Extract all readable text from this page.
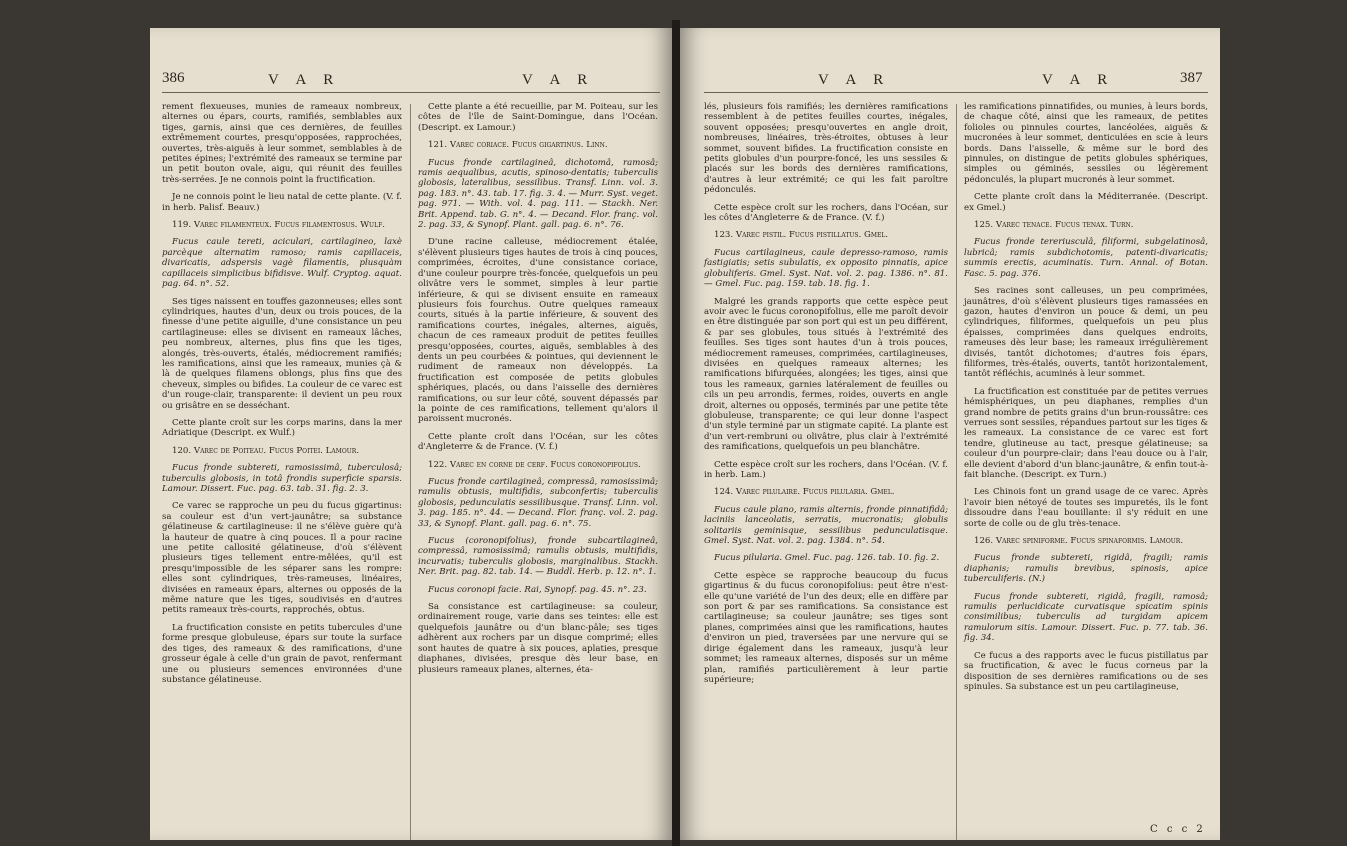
386	V A R	V A R

rement flexueuses, munies de rameaux nombreux, alternes ou épars, courts, ramifiés, semblables aux tiges, garnis, ainsi que ces dernières, de feuilles extrêmement courtes, presqu'opposées, rapprochées, ouvertes, très-aiguës à leur sommet, semblables à de petites épines; l'extrémité des rameaux se termine par un petit bouton ovale, aigu, qui réunit des feuilles très-serrées. Je ne connois point la fructification.

Je ne connois point le lieu natal de cette plante. (V. f. in herb. Palisf. Beauv.)

119. Varec filamenteux. Fucus filamentosus. Wulf.

Fucus caule tereti, aciculari, cartilagineo, laxè parcèque alternatim ramoso; ramis capillaceis, divaricatis, adspersis vagè filamentis, plusquàm capillaceis simplicibus bifidisve. Wulf. Cryptog. aquat. pag. 64. n°. 52.

Ses tiges naissent en touffes gazonneuses; elles sont cylindriques, hautes d'un, deux ou trois pouces, de la finesse d'une petite aiguille, d'une consistance un peu cartilagineuse: elles se divisent en rameaux lâches, peu nombreux, alternes, plus fins que les tiges, alongés, très-ouverts, étalés, médiocrement ramifiés; les ramifications, ainsi que les rameaux, munies çà & là de quelques filamens oblongs, plus fins que des cheveux, simples ou bifides. La couleur de ce varec est d'un rouge-clair, transparente: il devient un peu roux ou grisâtre en se desséchant.

Cette plante croît sur les corps marins, dans la mer Adriatique (Descript. ex Wulf.)

120. Varec de Poiteau. Fucus Poitei. Lamour.

Fucus fronde subtereti, ramosissimâ, tuberculosâ; tuberculis globosis, in totâ frondis superficie sparsis. Lamour. Dissert. Fuc. pag. 63. tab. 31. fig. 2. 3.

Ce varec se rapproche un peu du fucus gigartinus: sa couleur est d'un vert-jaunâtre; sa substance gélatineuse & cartilagineuse: il ne s'élève guère qu'à la hauteur de quatre à cinq pouces. Il a pour racine une petite callosité gélatineuse, d'où s'élèvent plusieurs tiges tellement entre-mêlées, qu'il est presqu'impossible de les séparer sans les rompre: elles sont cylindriques, très-rameuses, linéaires, divisées en rameaux épars, alternes ou opposés de la même nature que les tiges, soudivisés en d'autres petits rameaux très-courts, rapprochés, obtus.

La fructification consiste en petits tubercules d'une forme presque globuleuse, épars sur toute la surface des tiges, des rameaux & des ramifications, d'une grosseur égale à celle d'un grain de pavot, renfermant une ou plusieurs semences environnées d'une substance gélatineuse.

Cette plante a été recueillie, par M. Poiteau, sur les côtes de l'île de Saint-Domingue, dans l'Océan. (Descript. ex Lamour.)

121. Varec coriace. Fucus gigartinus. Linn.

Fucus fronde cartilagineâ, dichotomâ, ramosâ; ramis aequalibus, acutis, spinoso-dentatis; tuberculis globosis, lateralibus, sessilibus. Transf. Linn. vol. 3. pag. 183. n°. 43. tab. 17. fig. 3. 4. — Murr. Syst. veget. pag. 971. — With. vol. 4. pag. 111. — Stackh. Ner. Brit. Append. tab. G. n°. 4. — Decand. Flor. franç. vol. 2. pag. 33, & Synopf. Plant. gall. pag. 6. n°. 76.

D'une racine calleuse, médiocrement étalée, s'élèvent plusieurs tiges hautes de trois à cinq pouces, comprimées, écroites, d'une consistance coriace, d'une couleur pourpre très-foncée, quelquefois un peu olivâtre vers le sommet, simples à leur partie inférieure, & qui se divisent ensuite en rameaux plusieurs fois fourchus. Outre quelques rameaux courts, situés à la partie inférieure, & souvent des ramifications courtes, inégales, alternes, aiguës, chacun de ces rameaux produit de petites feuilles presqu'opposées, courtes, aiguës, semblables à des dents un peu courbées & pointues, qui deviennent le rudiment de rameaux non développés. La fructification est composée de petits globules sphériques, placés, ou dans l'aisselle des dernières ramifications, ou sur leur côté, souvent dépassés par la pointe de ces ramifications, tellement qu'alors il paroissent mucronés.

Cette plante croît dans l'Océan, sur les côtes d'Angleterre & de France. (V. f.)

122. Varec en corne de cerf. Fucus coronopifolius.

Fucus fronde cartilagineâ, compressâ, ramosissimâ; ramulis obtusis, multifidis, subconfertis; tuberculis globosis, pedunculatis sessilibusque. Transf. Linn. vol. 3. pag. 185. n°. 44. — Decand. Flor. franç. vol. 2. pag. 33, & Synopf. Plant. gall. pag. 6. n°. 75.

Fucus (coronopifolius), fronde subcartilagineâ, compressâ, ramosissimâ; ramulis obtusis, multifidis, incurvatis; tuberculis globosis, marginalibus. Stackh. Ner. Brit. pag. 82. tab. 14. — Buddl. Herb. p. 12. n°. 1.

Fucus coronopi facie. Rai, Synopf. pag. 45. n°. 23.

Sa consistance est cartilagineuse: sa couleur, ordinairement rouge, varie dans ses teintes: elle est quelquefois jaunâtre ou d'un blanc-pâle; ses tiges adhèrent aux rochers par un disque comprimé; elles sont hautes de quatre à six pouces, aplaties, presque diaphanes, divisées, presque dès leur base, en plusieurs rameaux planes, alternes, éta-

V A R	V A R	387

lés, plusieurs fois ramifiés; les dernières ramifications ressemblent à de petites feuilles courtes, inégales, souvent opposées; presqu'ouvertes en angle droit, nombreuses, linéaires, très-étroites, obtuses à leur sommet, souvent bifides. La fructification consiste en petits globules d'un pourpre-foncé, les uns sessiles & placés sur les bords des dernières ramifications, d'autres à leur extrémité; ce qui les fait paroître pédonculés.

Cette espèce croît sur les rochers, dans l'Océan, sur les côtes d'Angleterre & de France. (V. f.)

123. Varec pistil. Fucus pistillatus. Gmel.

Fucus cartilagineus, caule depresso-ramoso, ramis fastigiatis; setis subulatis, ex opposito pinnatis, apice globuliferis. Gmel. Syst. Nat. vol. 2. pag. 1386. n°. 81. — Gmel. Fuc. pag. 159. tab. 18. fig. 1.

Malgré les grands rapports que cette espèce peut avoir avec le fucus coronopifolius, elle me paroît devoir en être distinguée par son port qui est un peu différent, & par ses globules, tous situés à l'extrémité des feuilles. Ses tiges sont hautes d'un à trois pouces, médiocrement rameuses, comprimées, cartilagineuses, divisées en quelques rameaux alternes; les ramifications bifurquées, alongées; les tiges, ainsi que tous les rameaux, garnies latéralement de feuilles ou cils un peu arrondis, fermes, roides, ouverts en angle droit, alternes ou opposés, terminés par une petite tête globuleuse, transparente; ce qui leur donne l'aspect d'un style terminé par un stigmate capité. La plante est d'un vert-rembruni ou olivâtre, plus clair à l'extrémité des ramifications, quelquefois un peu blanchâtre.

Cette espèce croît sur les rochers, dans l'Océan. (V. f. in herb. Lam.)

124. Varec pilulaire. Fucus pilularia. Gmel.

Fucus caule plano, ramis alternis, fronde pinnatifidâ; laciniis lanceolatis, serratis, mucronatis; globulis solitariis geminisque, sessilibus pedunculatisque. Gmel. Syst. Nat. vol. 2. pag. 1384. n°. 54.

Fucus pilularia. Gmel. Fuc. pag. 126. tab. 10. fig. 2.

Cette espèce se rapproche beaucoup du fucus gigartinus & du fucus coronopifolius: peut être n'est-elle qu'une variété de l'un des deux; elle en diffère par son port & par ses ramifications. Sa consistance est cartilagineuse; sa couleur jaunâtre; ses tiges sont planes, comprimées ainsi que les ramifications, hautes d'environ un pied, traversées par une nervure qui se dirige également dans les rameaux, jusqu'à leur sommet; les rameaux alternes, disposés sur un même plan, ramifiés particulièrement à leur partie supérieure;

les ramifications pinnatifides, ou munies, à leurs bords, de chaque côté, ainsi que les rameaux, de petites folioles ou pinnules courtes, lancéolées, aiguës & mucronées à leur sommet, denticulées en scie à leurs bords. Dans l'aisselle, & même sur le bord des pinnules, on distingue de petits globules sphériques, simples ou géminés, sessiles ou légèrement pédonculés, la plupart mucronés à leur sommet.

Cette plante croît dans la Méditerranée. (Descript. ex Gmel.)

125. Varec tenace. Fucus tenax. Turn.

Fucus fronde tereriusculâ, filiformi, subgelatinosâ, lubricâ; ramis subdichotomis, patenti-divaricatis; summis erectis, acuminatis. Turn. Annal. of Botan. Fasc. 5. pag. 376.

Ses racines sont calleuses, un peu comprimées, jaunâtres, d'où s'élèvent plusieurs tiges ramassées en gazon, hautes d'environ un pouce & demi, un peu cylindriques, filiformes, quelquefois un peu plus épaisses, comprimées dans quelques endroits, rameuses dès leur base; les rameaux irrégulièrement divisés, tantôt dichotomes; d'autres fois épars, filiformes, très-étalés, ouverts, tantôt horizontalement, tantôt réfléchis, acuminés à leur sommet.

La fructification est constituée par de petites verrues hémisphériques, un peu diaphanes, remplies d'un grand nombre de petits grains d'un brun-roussâtre: ces verrues sont sessiles, répandues partout sur les tiges & les rameaux. La consistance de ce varec est fort tendre, glutineuse au tact, presque gélatineuse; sa couleur d'un pourpre-clair; dans l'eau douce ou à l'air, elle devient d'abord d'un blanc-jaunâtre, & enfin tout-à-fait blanche. (Descript. ex Turn.)

Les Chinois font un grand usage de ce varec. Après l'avoir bien nétoyé de toutes ses impuretés, ils le font dissoudre dans l'eau bouillante: il s'y réduit en une sorte de colle ou de glu très-tenace.

126. Varec spiniforme. Fucus spinaformis. Lamour.

Fucus fronde subtereti, rigidâ, fragili; ramis diaphanis; ramulis brevibus, spinosis, apice tuberculiferis. (N.)

Fucus fronde subtereti, rigidâ, fragili, ramosâ; ramulis perlucidicate curvatisque spicatim spinis consimilibus; tuberculis ad turgidam apicem ramulorum sitis. Lamour. Dissert. Fuc. p. 77. tab. 36. fig. 34.

Ce fucus a des rapports avec le fucus pistillatus par sa fructification, & avec le fucus corneus par la disposition de ses dernières ramifications ou de ses spinules. Sa substance est un peu cartilagineuse,

C c c 2
